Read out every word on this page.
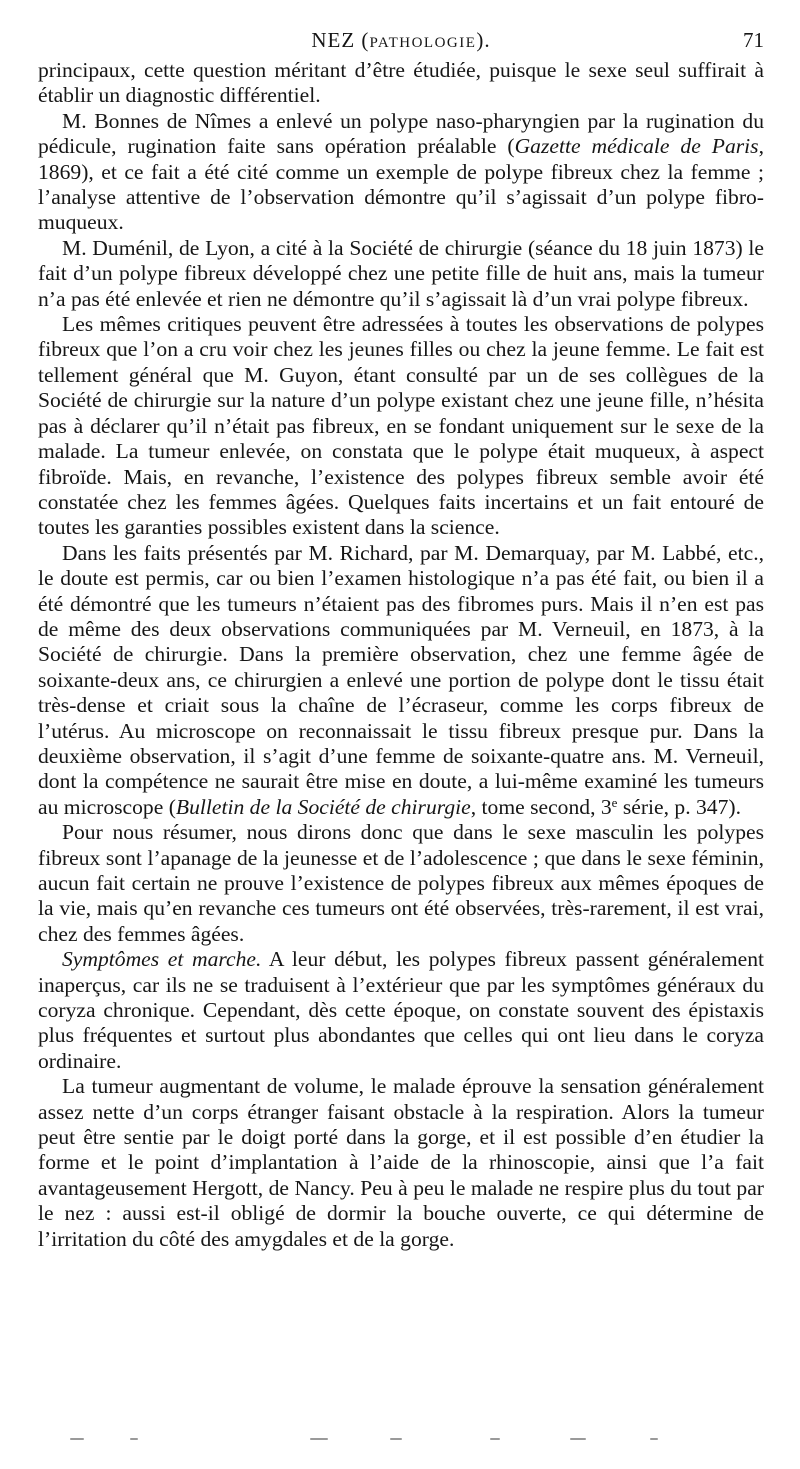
NEZ (PATHOLOGIE).	71

principaux, cette question méritant d’être étudiée, puisque le sexe seul suffirait à établir un diagnostic différentiel.

M. Bonnes de Nîmes a enlevé un polype naso-pharyngien par la rugination du pédicule, rugination faite sans opération préalable (Gazette médicale de Paris, 1869), et ce fait a été cité comme un exemple de polype fibreux chez la femme ; l’analyse attentive de l’observation démontre qu’il s’agissait d’un polype fibro-muqueux.

M. Duménil, de Lyon, a cité à la Société de chirurgie (séance du 18 juin 1873) le fait d’un polype fibreux développé chez une petite fille de huit ans, mais la tumeur n’a pas été enlevée et rien ne démontre qu’il s’agissait là d’un vrai polype fibreux.

Les mêmes critiques peuvent être adressées à toutes les observations de polypes fibreux que l’on a cru voir chez les jeunes filles ou chez la jeune femme. Le fait est tellement général que M. Guyon, étant consulté par un de ses collègues de la Société de chirurgie sur la nature d’un polype existant chez une jeune fille, n’hésita pas à déclarer qu’il n’était pas fibreux, en se fondant uniquement sur le sexe de la malade. La tumeur enlevée, on constata que le polype était muqueux, à aspect fibroïde. Mais, en revanche, l’existence des polypes fibreux semble avoir été constatée chez les femmes âgées. Quelques faits incertains et un fait entouré de toutes les garanties possibles existent dans la science.

Dans les faits présentés par M. Richard, par M. Demarquay, par M. Labbé, etc., le doute est permis, car ou bien l’examen histologique n’a pas été fait, ou bien il a été démontré que les tumeurs n’étaient pas des fibromes purs. Mais il n’en est pas de même des deux observations communiquées par M. Verneuil, en 1873, à la Société de chirurgie. Dans la première observation, chez une femme âgée de soixante-deux ans, ce chirurgien a enlevé une portion de polype dont le tissu était très-dense et criait sous la chaîne de l’écraseur, comme les corps fibreux de l’utérus. Au microscope on reconnaissait le tissu fibreux presque pur. Dans la deuxième observation, il s’agit d’une femme de soixante-quatre ans. M. Verneuil, dont la compétence ne saurait être mise en doute, a lui-même examiné les tumeurs au microscope (Bulletin de la Société de chirurgie, tome second, 3e série, p. 347).

Pour nous résumer, nous dirons donc que dans le sexe masculin les polypes fibreux sont l’apanage de la jeunesse et de l’adolescence ; que dans le sexe féminin, aucun fait certain ne prouve l’existence de polypes fibreux aux mêmes époques de la vie, mais qu’en revanche ces tumeurs ont été observées, très-rarement, il est vrai, chez des femmes âgées.

Symptômes et marche. A leur début, les polypes fibreux passent généralement inaperçus, car ils ne se traduisent à l’extérieur que par les symptômes généraux du coryza chronique. Cependant, dès cette époque, on constate souvent des épistaxis plus fréquentes et surtout plus abondantes que celles qui ont lieu dans le coryza ordinaire.

La tumeur augmentant de volume, le malade éprouve la sensation généralement assez nette d’un corps étranger faisant obstacle à la respiration. Alors la tumeur peut être sentie par le doigt porté dans la gorge, et il est possible d’en étudier la forme et le point d’implantation à l’aide de la rhinoscopie, ainsi que l’a fait avantageusement Hergott, de Nancy. Peu à peu le malade ne respire plus du tout par le nez : aussi est-il obligé de dormir la bouche ouverte, ce qui détermine de l’irritation du côté des amygdales et de la gorge.
